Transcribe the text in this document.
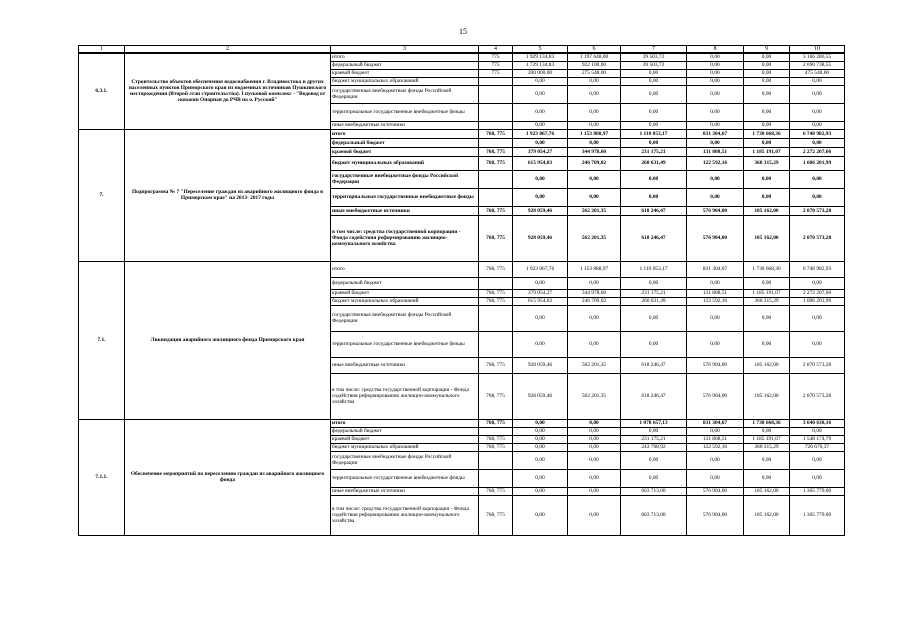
15
1	2	3	4	5	6	7	8	9	10
6.3.1.	Строительство объектов обеспечения водоснабжения г. Владивостока и других населенных пунктов Приморского края из подземных источников Пушкинского месторождения (Второй этап строительства). I пусковой комплекс - "Водовод от скважин Опорная до РЧВ на о. Русский"	итого	775	1 929 134,83	1 197 648,00	39 503,72	0,00	0,00	3 166 286,55
		федеральный бюджет	775	1 729 134,83	922 100,00	39 503,72	0,00	0,00	2 690 738,55
		краевой бюджет	775	200 000,00	275 548,00	0,00	0,00	0,00	475 548,00
		бюджет муниципальных образований		0,00	0,00	0,00	0,00	0,00	0,00
		государственные внебюджетные фонды Российской Федерации		0,00	0,00	0,00	0,00	0,00	0,00
		территориальные государственные внебюджетные фонды		0,00	0,00	0,00	0,00	0,00	0,00
		иные внебюджетные источники		0,00	0,00	0,00	0,00	0,00	0,00
7.	Подпрограмма № 7 "Переселение граждан из аварийного жилищного фонда в Приморском крае" на 2013- 2017 годы	итого	768, 775	1 923 067,76	1 153 888,97	1 110 053,17	831 304,67	1 730 668,36	6 748 982,93
		федеральный бюджет		0,00	0,00	0,00	0,00	0,00	0,00
		краевой бюджет	768, 775	379 054,27	344 978,60	231 175,21	131 808,51	1 185 191,07	2 272 207,66
		бюджет муниципальных образований	768, 775	615 954,03	246 709,02	260 631,49	122 592,16	360 315,29	1 606 201,99
		государственные внебюджетные фонды Российской Федерации		0,00	0,00	0,00	0,00	0,00	0,00
		территориальные государственные внебюджетные фонды		0,00	0,00	0,00	0,00	0,00	0,00
		иные внебюджетные источники	768, 775	928 059,46	562 201,35	618 246,47	576 904,00	185 162,00	2 870 573,28
		в том числе: средства государственной корпорации - Фонда содействия реформированию жилищно-коммунального хозяйства	768, 775	928 059,46	562 201,35	618 246,47	576 904,00	185 162,00	2 870 573,28
7.1.	Ликвидация аварийного жилищного фонда Приморского края	итого	768, 775	1 923 067,76	1 153 888,97	1 110 053,17	831 304,67	1 730 668,36	6 748 982,93
		федеральный бюджет		0,00	0,00	0,00	0,00	0,00	0,00
		краевой бюджет	768, 775	379 054,27	344 978,60	231 175,21	131 808,51	1 185 191,07	2 272 207,66
		бюджет муниципальных образований	768, 775	615 954,03	246 709,02	260 631,49	122 592,16	360 315,29	1 606 201,99
		государственные внебюджетные фонды Российской Федерации		0,00	0,00	0,00	0,00	0,00	0,00
		территориальные государственные внебюджетные фонды		0,00	0,00	0,00	0,00	0,00	0,00
		иные внебюджетные источники	768, 775	928 059,46	562 201,35	618 246,47	576 904,00	185 162,00	2 870 573,28
		в том числе: средства государственной корпорации - Фонда содействия реформированию жилищно-коммунального хозяйства	768, 775	928 059,46	562 201,35	618 246,47	576 904,00	185 162,00	2 870 573,28
7.1.1.	Обеспечение мероприятий по переселению граждан из аварийного жилищного фонда	итого	768, 775	0,00	0,00	1 078 657,13	831 304,67	1 730 668,36	3 640 630,16
		федеральный бюджет		0,00	0,00	0,00	0,00	0,00	0,00
		краевой бюджет	768, 775	0,00	0,00	231 175,21	131 808,51	1 185 191,07	1 548 174,79
		бюджет муниципальных образований	768, 775	0,00	0,00	243 768,92	122 592,16	360 315,29	726 676,37
		государственные внебюджетные фонды Российской Федерации		0,00	0,00	0,00	0,00	0,00	0,00
		территориальные государственные внебюджетные фонды		0,00	0,00	0,00	0,00	0,00	0,00
		иные внебюджетные источники	768, 775	0,00	0,00	603 713,00	576 904,00	185 162,00	1 365 779,00
		в том числе: средства государственной корпорации - Фонда содействия реформированию жилищно-коммунального хозяйства	768, 775	0,00	0,00	603 713,00	576 904,00	185 162,00	1 365 779,00
